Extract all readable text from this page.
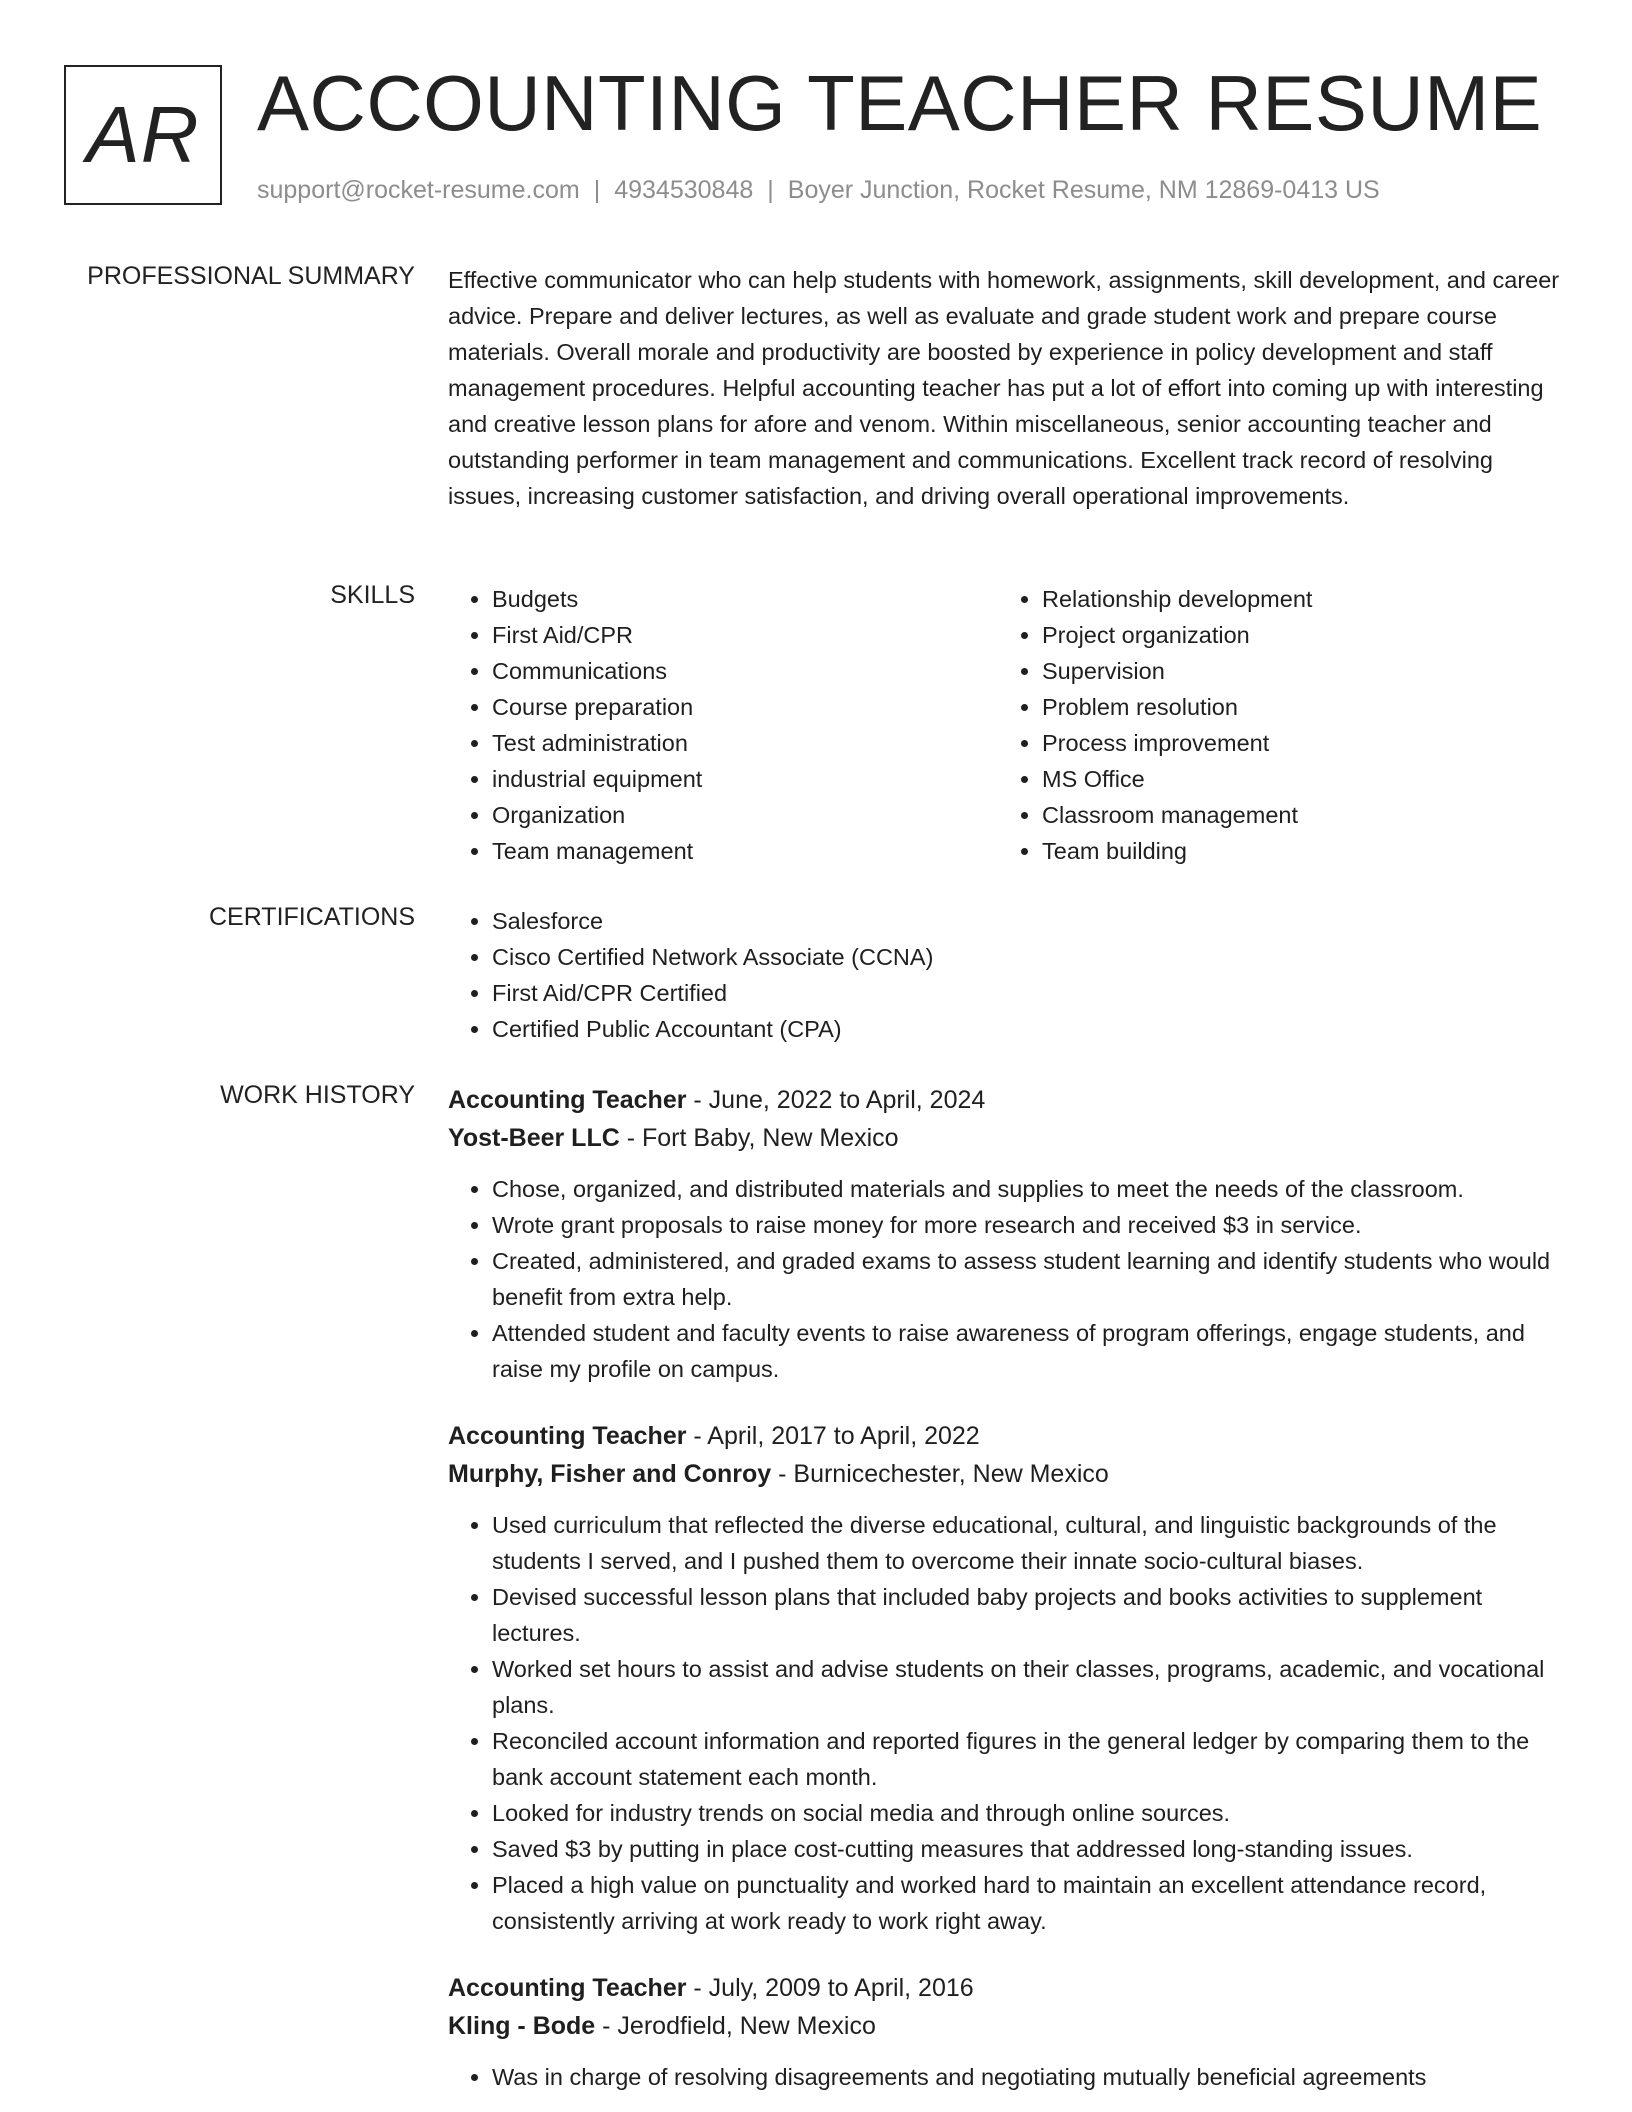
AR ACCOUNTING TEACHER RESUME
support@rocket-resume.com | 4934530848 | Boyer Junction, Rocket Resume, NM 12869-0413 US
PROFESSIONAL SUMMARY Effective communicator who can help students with homework, assignments, skill development, and career advice. Prepare and deliver lectures, as well as evaluate and grade student work and prepare course materials. Overall morale and productivity are boosted by experience in policy development and staff management procedures. Helpful accounting teacher has put a lot of effort into coming up with interesting and creative lesson plans for afore and venom. Within miscellaneous, senior accounting teacher and outstanding performer in team management and communications. Excellent track record of resolving issues, increasing customer satisfaction, and driving overall operational improvements.

SKILLS	• Budgets
• First Aid/CPR
• Communications
• Course preparation
• Test administration
• industrial equipment
• Organization
• Team management
• Relationship development
• Project organization
• Supervision
• Problem resolution
• Process improvement
• MS Office
• Classroom management
• Team building
CERTIFICATIONS	• Salesforce
• Cisco Certified Network Associate (CCNA)
• First Aid/CPR Certified
• Certified Public Accountant (CPA)
WORK HISTORY Accounting Teacher - June, 2022 to April, 2024
Yost-Beer LLC - Fort Baby, New Mexico
• Chose, organized, and distributed materials and supplies to meet the needs of the classroom.
• Wrote grant proposals to raise money for more research and received $3 in service.
• Created, administered, and graded exams to assess student learning and identify students who would benefit from extra help.
• Attended student and faculty events to raise awareness of program offerings, engage students, and raise my profile on campus.
Accounting Teacher - April, 2017 to April, 2022
Murphy, Fisher and Conroy - Burnicechester, New Mexico
• Used curriculum that reflected the diverse educational, cultural, and linguistic backgrounds of the students I served, and I pushed them to overcome their innate socio-cultural biases.
• Devised successful lesson plans that included baby projects and books activities to supplement lectures.
• Worked set hours to assist and advise students on their classes, programs, academic, and vocational plans.
• Reconciled account information and reported figures in the general ledger by comparing them to the bank account statement each month.
• Looked for industry trends on social media and through online sources.
• Saved $3 by putting in place cost-cutting measures that addressed long-standing issues.
• Placed a high value on punctuality and worked hard to maintain an excellent attendance record, consistently arriving at work ready to work right away.
Accounting Teacher - July, 2009 to April, 2016
Kling - Bode - Jerodfield, New Mexico
• Was in charge of resolving disagreements and negotiating mutually beneficial agreements
